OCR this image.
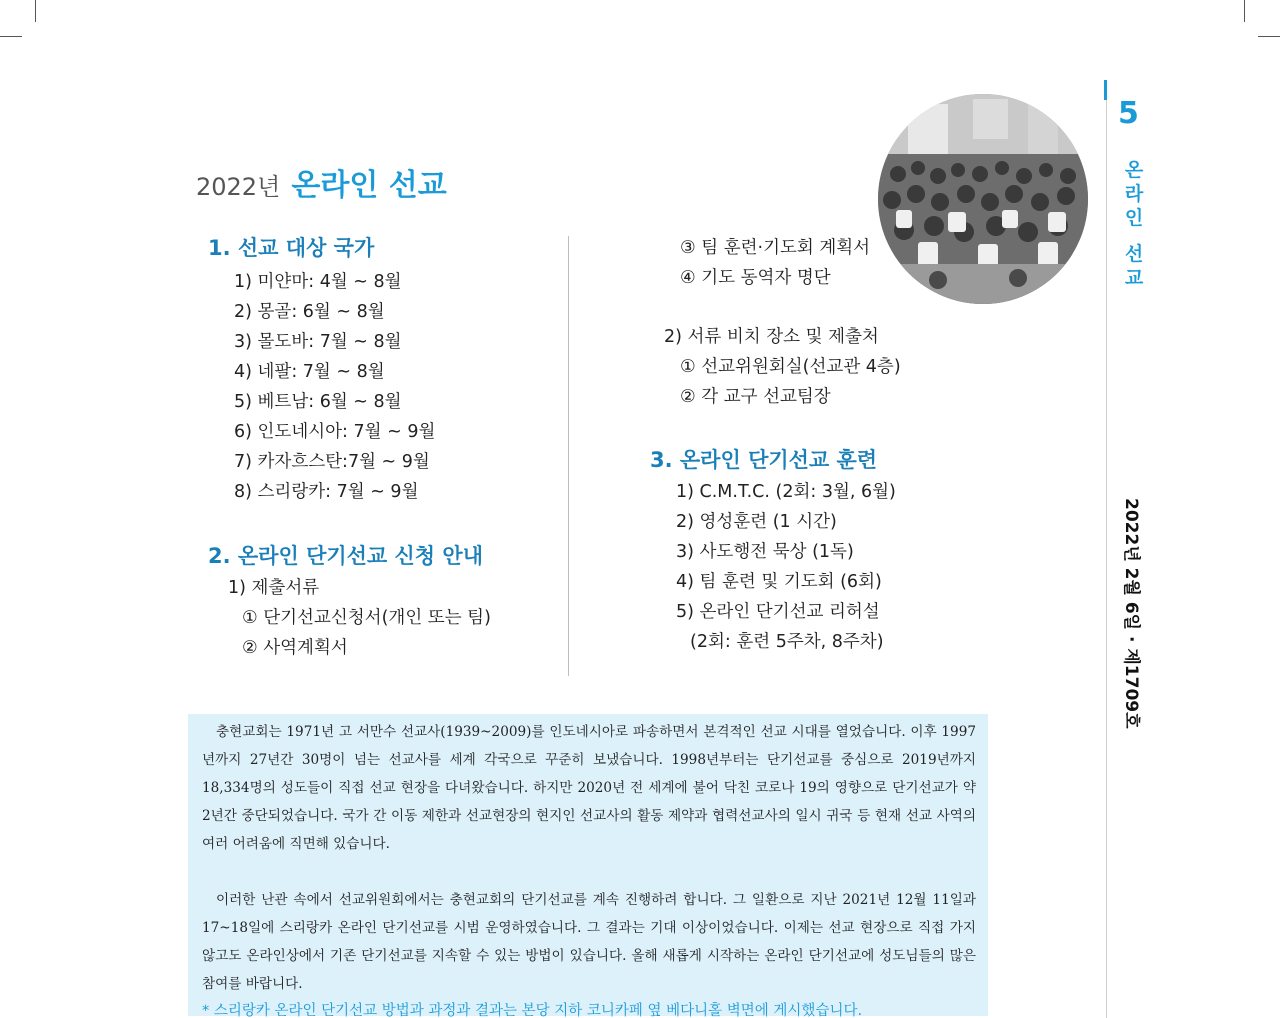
2022년 온라인 선교
1. 선교 대상 국가
1) 미얀마: 4월 ~ 8월
2) 몽골: 6월 ~ 8월
3) 몰도바: 7월 ~ 8월
4) 네팔: 7월 ~ 8월
5) 베트남: 6월 ~ 8월
6) 인도네시아: 7월 ~ 9월
7) 카자흐스탄:7월 ~ 9월
8) 스리랑카: 7월 ~ 9월
2. 온라인 단기선교 신청 안내
1) 제출서류
① 단기선교신청서(개인 또는 팀)
② 사역계획서
③ 팀 훈련·기도회 계획서
④ 기도 동역자 명단
2) 서류 비치 장소 및 제출처
① 선교위원회실(선교관 4층)
② 각 교구 선교팀장
3. 온라인 단기선교 훈련
1) C.M.T.C. (2회: 3월, 6월)
2) 영성훈련 (1 시간)
3) 사도행전 묵상 (1독)
4) 팀 훈련 및 기도회 (6회)
5) 온라인 단기선교 리허설
(2회: 훈련 5주차, 8주차)
5
온
라
인
선
교
2022년 2월 6일 · 제1709호

충현교회는 1971년 고 서만수 선교사(1939~2009)를 인도네시아로 파송하면서 본격적인 선교 시대를 열었습니다. 이후 1997년까지 27년간 30명이 넘는 선교사를 세계 각국으로 꾸준히 보냈습니다. 1998년부터는 단기선교를 중심으로 2019년까지 18,334명의 성도들이 직접 선교 현장을 다녀왔습니다. 하지만 2020년 전 세계에 불어 닥친 코로나 19의 영향으로 단기선교가 약 2년간 중단되었습니다. 국가 간 이동 제한과 선교현장의 현지인 선교사의 활동 제약과 협력선교사의 일시 귀국 등 현재 선교 사역의 여러 어려움에 직면해 있습니다.

이러한 난관 속에서 선교위원회에서는 충현교회의 단기선교를 계속 진행하려 합니다. 그 일환으로 지난 2021년 12월 11일과 17~18일에 스리랑카 온라인 단기선교를 시범 운영하였습니다. 그 결과는 기대 이상이었습니다. 이제는 선교 현장으로 직접 가지 않고도 온라인상에서 기존 단기선교를 지속할 수 있는 방법이 있습니다. 올해 새롭게 시작하는 온라인 단기선교에 성도님들의 많은 참여를 바랍니다.

* 스리랑카 온라인 단기선교 방법과 과정과 결과는 본당 지하 코니카페 옆 베다니홀 벽면에 게시했습니다.
